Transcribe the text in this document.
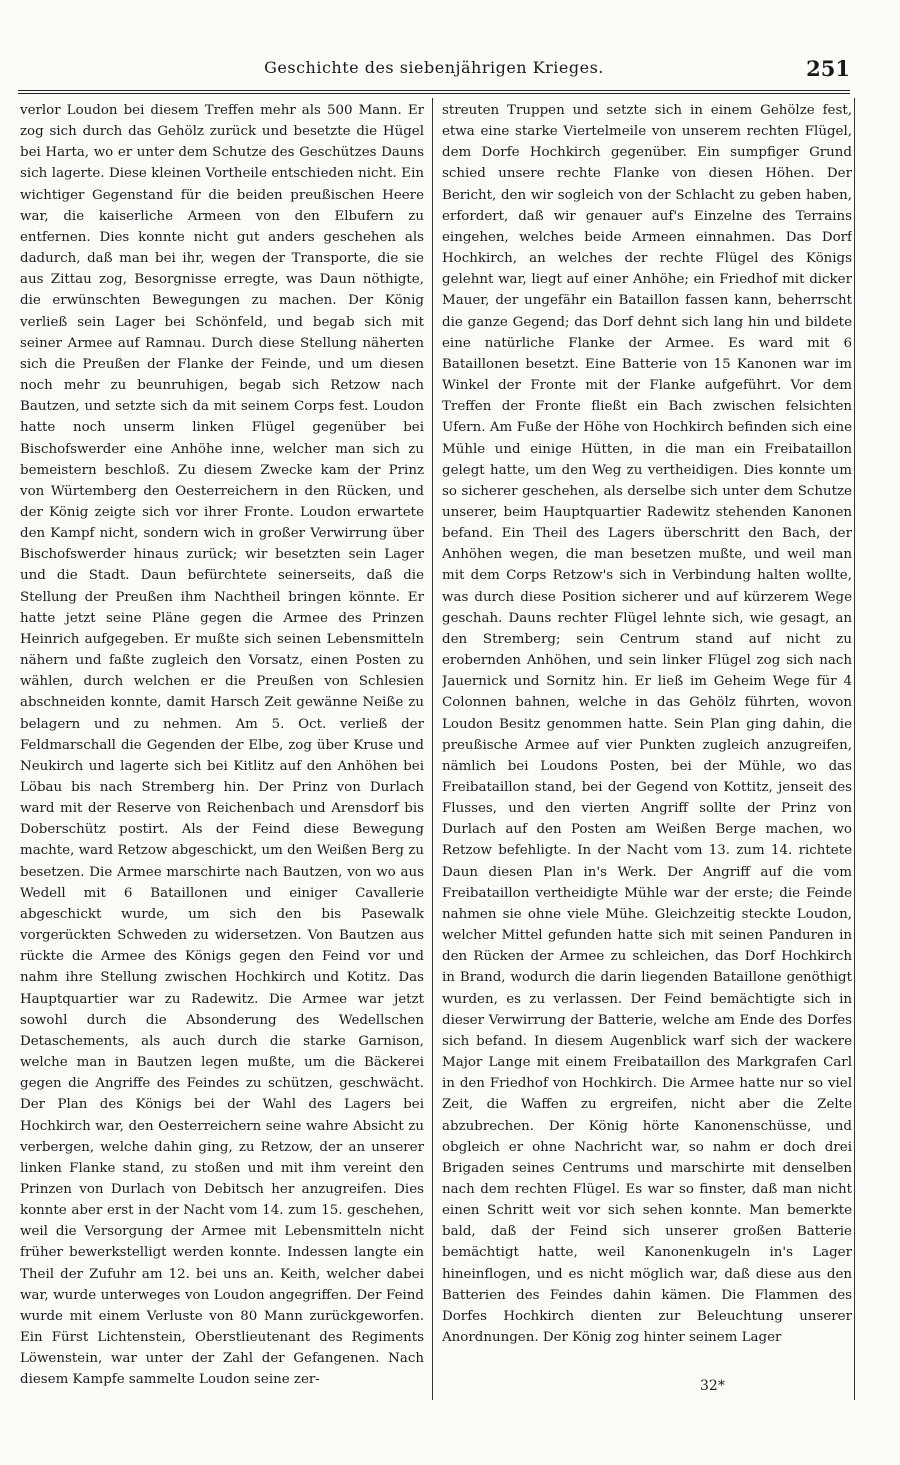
Geschichte des siebenjährigen Krieges.	251
verlor Loudon bei diesem Treffen mehr als 500 Mann. Er zog sich durch das Gehölz zurück und besetzte die Hügel bei Harta, wo er unter dem Schutze des Geschützes Dauns sich lagerte. Diese kleinen Vortheile entschieden nicht. Ein wichtiger Gegenstand für die beiden preußischen Heere war, die kaiserliche Armeen von den Elbufern zu entfernen. Dies konnte nicht gut anders geschehen als dadurch, daß man bei ihr, wegen der Transporte, die sie aus Zittau zog, Besorgnisse erregte, was Daun nöthigte, die erwünschten Bewegungen zu machen. Der König verließ sein Lager bei Schönfeld, und begab sich mit seiner Armee auf Ramnau. Durch diese Stellung näherten sich die Preußen der Flanke der Feinde, und um diesen noch mehr zu beunruhigen, begab sich Retzow nach Bautzen, und setzte sich da mit seinem Corps fest. Loudon hatte noch unserm linken Flügel gegenüber bei Bischofswerder eine Anhöhe inne, welcher man sich zu bemeistern beschloß. Zu diesem Zwecke kam der Prinz von Würtemberg den Oesterreichern in den Rücken, und der König zeigte sich vor ihrer Fronte. Loudon erwartete den Kampf nicht, sondern wich in großer Verwirrung über Bischofswerder hinaus zurück; wir besetzten sein Lager und die Stadt. Daun befürchtete seinerseits, daß die Stellung der Preußen ihm Nachtheil bringen könnte. Er hatte jetzt seine Pläne gegen die Armee des Prinzen Heinrich aufgegeben. Er mußte sich seinen Lebensmitteln nähern und faßte zugleich den Vorsatz, einen Posten zu wählen, durch welchen er die Preußen von Schlesien abschneiden konnte, damit Harsch Zeit gewänne Neiße zu belagern und zu nehmen. Am 5. Oct. verließ der Feldmarschall die Gegenden der Elbe, zog über Kruse und Neukirch und lagerte sich bei Kitlitz auf den Anhöhen bei Löbau bis nach Stremberg hin. Der Prinz von Durlach ward mit der Reserve von Reichenbach und Arensdorf bis Doberschütz postirt. Als der Feind diese Bewegung machte, ward Retzow abgeschickt, um den Weißen Berg zu besetzen. Die Armee marschirte nach Bautzen, von wo aus Wedell mit 6 Bataillonen und einiger Cavallerie abgeschickt wurde, um sich den bis Pasewalk vorgerückten Schweden zu widersetzen. Von Bautzen aus rückte die Armee des Königs gegen den Feind vor und nahm ihre Stellung zwischen Hochkirch und Kotitz. Das Hauptquartier war zu Radewitz. Die Armee war jetzt sowohl durch die Absonderung des Wedellschen Detaschements, als auch durch die starke Garnison, welche man in Bautzen legen mußte, um die Bäckerei gegen die Angriffe des Feindes zu schützen, geschwächt. Der Plan des Königs bei der Wahl des Lagers bei Hochkirch war, den Oesterreichern seine wahre Absicht zu verbergen, welche dahin ging, zu Retzow, der an unserer linken Flanke stand, zu stoßen und mit ihm vereint den Prinzen von Durlach von Debitsch her anzugreifen. Dies konnte aber erst in der Nacht vom 14. zum 15. geschehen, weil die Versorgung der Armee mit Lebensmitteln nicht früher bewerkstelligt werden konnte. Indessen langte ein Theil der Zufuhr am 12. bei uns an. Keith, welcher dabei war, wurde unterweges von Loudon angegriffen. Der Feind wurde mit einem Verluste von 80 Mann zurückgeworfen. Ein Fürst Lichtenstein, Oberstlieutenant des Regiments Löwenstein, war unter der Zahl der Gefangenen. Nach diesem Kampfe sammelte Loudon seine zer-
streuten Truppen und setzte sich in einem Gehölze fest, etwa eine starke Viertelmeile von unserem rechten Flügel, dem Dorfe Hochkirch gegenüber. Ein sumpfiger Grund schied unsere rechte Flanke von diesen Höhen. Der Bericht, den wir sogleich von der Schlacht zu geben haben, erfordert, daß wir genauer auf's Einzelne des Terrains eingehen, welches beide Armeen einnahmen. Das Dorf Hochkirch, an welches der rechte Flügel des Königs gelehnt war, liegt auf einer Anhöhe; ein Friedhof mit dicker Mauer, der ungefähr ein Bataillon fassen kann, beherrscht die ganze Gegend; das Dorf dehnt sich lang hin und bildete eine natürliche Flanke der Armee. Es ward mit 6 Bataillonen besetzt. Eine Batterie von 15 Kanonen war im Winkel der Fronte mit der Flanke aufgeführt. Vor dem Treffen der Fronte fließt ein Bach zwischen felsichten Ufern. Am Fuße der Höhe von Hochkirch befinden sich eine Mühle und einige Hütten, in die man ein Freibataillon gelegt hatte, um den Weg zu vertheidigen. Dies konnte um so sicherer geschehen, als derselbe sich unter dem Schutze unserer, beim Hauptquartier Radewitz stehenden Kanonen befand. Ein Theil des Lagers überschritt den Bach, der Anhöhen wegen, die man besetzen mußte, und weil man mit dem Corps Retzow's sich in Verbindung halten wollte, was durch diese Position sicherer und auf kürzerem Wege geschah. Dauns rechter Flügel lehnte sich, wie gesagt, an den Stremberg; sein Centrum stand auf nicht zu erobernden Anhöhen, und sein linker Flügel zog sich nach Jauernick und Sornitz hin. Er ließ im Geheim Wege für 4 Colonnen bahnen, welche in das Gehölz führten, wovon Loudon Besitz genommen hatte. Sein Plan ging dahin, die preußische Armee auf vier Punkten zugleich anzugreifen, nämlich bei Loudons Posten, bei der Mühle, wo das Freibataillon stand, bei der Gegend von Kottitz, jenseit des Flusses, und den vierten Angriff sollte der Prinz von Durlach auf den Posten am Weißen Berge machen, wo Retzow befehligte. In der Nacht vom 13. zum 14. richtete Daun diesen Plan in's Werk. Der Angriff auf die vom Freibataillon vertheidigte Mühle war der erste; die Feinde nahmen sie ohne viele Mühe. Gleichzeitig steckte Loudon, welcher Mittel gefunden hatte sich mit seinen Panduren in den Rücken der Armee zu schleichen, das Dorf Hochkirch in Brand, wodurch die darin liegenden Bataillone genöthigt wurden, es zu verlassen. Der Feind bemächtigte sich in dieser Verwirrung der Batterie, welche am Ende des Dorfes sich befand. In diesem Augenblick warf sich der wackere Major Lange mit einem Freibataillon des Markgrafen Carl in den Friedhof von Hochkirch. Die Armee hatte nur so viel Zeit, die Waffen zu ergreifen, nicht aber die Zelte abzubrechen. Der König hörte Kanonenschüsse, und obgleich er ohne Nachricht war, so nahm er doch drei Brigaden seines Centrums und marschirte mit denselben nach dem rechten Flügel. Es war so finster, daß man nicht einen Schritt weit vor sich sehen konnte. Man bemerkte bald, daß der Feind sich unserer großen Batterie bemächtigt hatte, weil Kanonenkugeln in's Lager hineinflogen, und es nicht möglich war, daß diese aus den Batterien des Feindes dahin kämen. Die Flammen des Dorfes Hochkirch dienten zur Beleuchtung unserer Anordnungen. Der König zog hinter seinem Lager
32*
